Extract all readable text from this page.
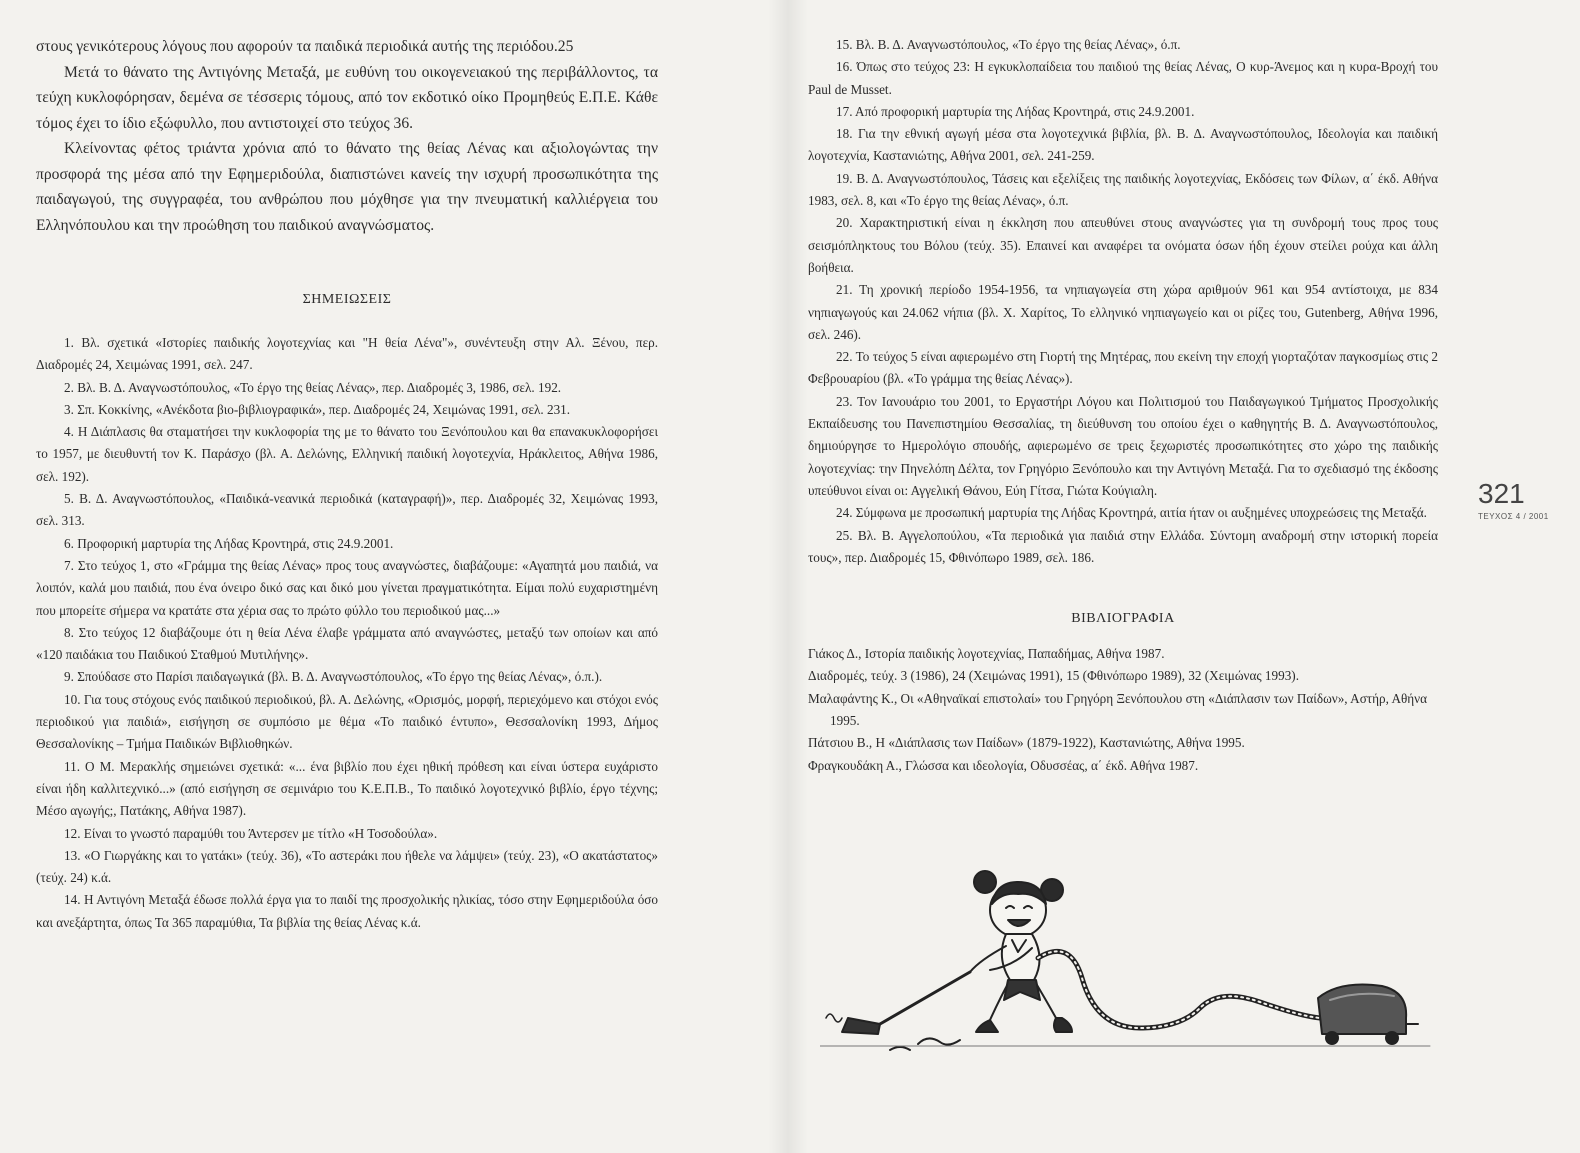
στους γενικότερους λόγους που αφορούν τα παιδικά περιοδικά αυτής της περιόδου.25

Μετά το θάνατο της Αντιγόνης Μεταξά, με ευθύνη του οικογενειακού της περιβάλλοντος, τα τεύχη κυκλοφόρησαν, δεμένα σε τέσσερις τόμους, από τον εκδοτικό οίκο Προμηθεύς Ε.Π.Ε. Κάθε τόμος έχει το ίδιο εξώφυλλο, που αντιστοιχεί στο τεύχος 36.

Κλείνοντας φέτος τριάντα χρόνια από το θάνατο της θείας Λένας και αξιολογώντας την προσφορά της μέσα από την Εφημεριδούλα, διαπιστώνει κανείς την ισχυρή προσωπικότητα της παιδαγωγού, της συγγραφέα, του ανθρώπου που μόχθησε για την πνευματική καλλιέργεια του Ελληνόπουλου και την προώθηση του παιδικού αναγνώσματος.

ΣΗΜΕΙΩΣΕΙΣ

1. Βλ. σχετικά «Ιστορίες παιδικής λογοτεχνίας και "Η θεία Λένα"», συνέντευξη στην Αλ. Ξένου, περ. Διαδρομές 24, Χειμώνας 1991, σελ. 247.

2. Βλ. Β. Δ. Αναγνωστόπουλος, «Το έργο της θείας Λένας», περ. Διαδρομές 3, 1986, σελ. 192.

3. Σπ. Κοκκίνης, «Ανέκδοτα βιο-βιβλιογραφικά», περ. Διαδρομές 24, Χειμώνας 1991, σελ. 231.

4. Η Διάπλασις θα σταματήσει την κυκλοφορία της με το θάνατο του Ξενόπουλου και θα επανακυκλοφορήσει το 1957, με διευθυντή τον Κ. Παράσχο (βλ. Α. Δελώνης, Ελληνική παιδική λογοτεχνία, Ηράκλειτος, Αθήνα 1986, σελ. 192).

5. Β. Δ. Αναγνωστόπουλος, «Παιδικά-νεανικά περιοδικά (καταγραφή)», περ. Διαδρομές 32, Χειμώνας 1993, σελ. 313.

6. Προφορική μαρτυρία της Λήδας Κροντηρά, στις 24.9.2001.

7. Στο τεύχος 1, στο «Γράμμα της θείας Λένας» προς τους αναγνώστες, διαβάζουμε: «Αγαπητά μου παιδιά, να λοιπόν, καλά μου παιδιά, που ένα όνειρο δικό σας και δικό μου γίνεται πραγματικότητα. Είμαι πολύ ευχαριστημένη που μπορείτε σήμερα να κρατάτε στα χέρια σας το πρώτο φύλλο του περιοδικού μας...»

8. Στο τεύχος 12 διαβάζουμε ότι η θεία Λένα έλαβε γράμματα από αναγνώστες, μεταξύ των οποίων και από «120 παιδάκια του Παιδικού Σταθμού Μυτιλήνης».

9. Σπούδασε στο Παρίσι παιδαγωγικά (βλ. Β. Δ. Αναγνωστόπουλος, «Το έργο της θείας Λένας», ό.π.).

10. Για τους στόχους ενός παιδικού περιοδικού, βλ. Α. Δελώνης, «Ορισμός, μορφή, περιεχόμενο και στόχοι ενός περιοδικού για παιδιά», εισήγηση σε συμπόσιο με θέμα «Το παιδικό έντυπο», Θεσσαλονίκη 1993, Δήμος Θεσσαλονίκης – Τμήμα Παιδικών Βιβλιοθηκών.

11. Ο Μ. Μερακλής σημειώνει σχετικά: «... ένα βιβλίο που έχει ηθική πρόθεση και είναι ύστερα ευχάριστο είναι ήδη καλλιτεχνικό...» (από εισήγηση σε σεμινάριο του Κ.Ε.Π.Β., Το παιδικό λογοτεχνικό βιβλίο, έργο τέχνης; Μέσο αγωγής;, Πατάκης, Αθήνα 1987).

12. Είναι το γνωστό παραμύθι του Άντερσεν με τίτλο «Η Τοσοδούλα».

13. «Ο Γιωργάκης και το γατάκι» (τεύχ. 36), «Το αστεράκι που ήθελε να λάμψει» (τεύχ. 23), «Ο ακατάστατος» (τεύχ. 24) κ.ά.

14. Η Αντιγόνη Μεταξά έδωσε πολλά έργα για το παιδί της προσχολικής ηλικίας, τόσο στην Εφημεριδούλα όσο και ανεξάρτητα, όπως Τα 365 παραμύθια, Τα βιβλία της θείας Λένας κ.ά.

15. Βλ. Β. Δ. Αναγνωστόπουλος, «Το έργο της θείας Λένας», ό.π.

16. Όπως στο τεύχος 23: Η εγκυκλοπαίδεια του παιδιού της θείας Λένας, Ο κυρ-Άνεμος και η κυρα-Βροχή του Paul de Musset.

17. Από προφορική μαρτυρία της Λήδας Κροντηρά, στις 24.9.2001.

18. Για την εθνική αγωγή μέσα στα λογοτεχνικά βιβλία, βλ. Β. Δ. Αναγνωστόπουλος, Ιδεολογία και παιδική λογοτεχνία, Καστανιώτης, Αθήνα 2001, σελ. 241-259.

19. Β. Δ. Αναγνωστόπουλος, Τάσεις και εξελίξεις της παιδικής λογοτεχνίας, Εκδόσεις των Φίλων, α΄ έκδ. Αθήνα 1983, σελ. 8, και «Το έργο της θείας Λένας», ό.π.

20. Χαρακτηριστική είναι η έκκληση που απευθύνει στους αναγνώστες για τη συνδρομή τους προς τους σεισμόπληκτους του Βόλου (τεύχ. 35). Επαινεί και αναφέρει τα ονόματα όσων ήδη έχουν στείλει ρούχα και άλλη βοήθεια.

21. Τη χρονική περίοδο 1954-1956, τα νηπιαγωγεία στη χώρα αριθμούν 961 και 954 αντίστοιχα, με 834 νηπιαγωγούς και 24.062 νήπια (βλ. Χ. Χαρίτος, Το ελληνικό νηπιαγωγείο και οι ρίζες του, Gutenberg, Αθήνα 1996, σελ. 246).

22. Το τεύχος 5 είναι αφιερωμένο στη Γιορτή της Μητέρας, που εκείνη την εποχή γιορταζόταν παγκοσμίως στις 2 Φεβρουαρίου (βλ. «Το γράμμα της θείας Λένας»).

23. Τον Ιανουάριο του 2001, το Εργαστήρι Λόγου και Πολιτισμού του Παιδαγωγικού Τμήματος Προσχολικής Εκπαίδευσης του Πανεπιστημίου Θεσσαλίας, τη διεύθυνση του οποίου έχει ο καθηγητής Β. Δ. Αναγνωστόπουλος, δημιούργησε το Ημερολόγιο σπουδής, αφιερωμένο σε τρεις ξεχωριστές προσωπικότητες στο χώρο της παιδικής λογοτεχνίας: την Πηνελόπη Δέλτα, τον Γρηγόριο Ξενόπουλο και την Αντιγόνη Μεταξά. Για το σχεδιασμό της έκδοσης υπεύθυνοι είναι οι: Αγγελική Θάνου, Εύη Γίτσα, Γιώτα Κούγιαλη.

24. Σύμφωνα με προσωπική μαρτυρία της Λήδας Κροντηρά, αιτία ήταν οι αυξημένες υποχρεώσεις της Μεταξά.

25. Βλ. Β. Αγγελοπούλου, «Τα περιοδικά για παιδιά στην Ελλάδα. Σύντομη αναδρομή στην ιστορική πορεία τους», περ. Διαδρομές 15, Φθινόπωρο 1989, σελ. 186.

ΒΙΒΛΙΟΓΡΑΦΙΑ

Γιάκος Δ., Ιστορία παιδικής λογοτεχνίας, Παπαδήμας, Αθήνα 1987.

Διαδρομές, τεύχ. 3 (1986), 24 (Χειμώνας 1991), 15 (Φθινόπωρο 1989), 32 (Χειμώνας 1993).

Μαλαφάντης Κ., Οι «Αθηναϊκαί επιστολαί» του Γρηγόρη Ξενόπουλου στη «Διάπλασιν των Παίδων», Αστήρ, Αθήνα 1995.

Πάτσιου Β., Η «Διάπλασις των Παίδων» (1879-1922), Καστανιώτης, Αθήνα 1995.

Φραγκουδάκη Α., Γλώσσα και ιδεολογία, Οδυσσέας, α΄ έκδ. Αθήνα 1987.

321
ΤΕΥΧΟΣ 4 / 2001
